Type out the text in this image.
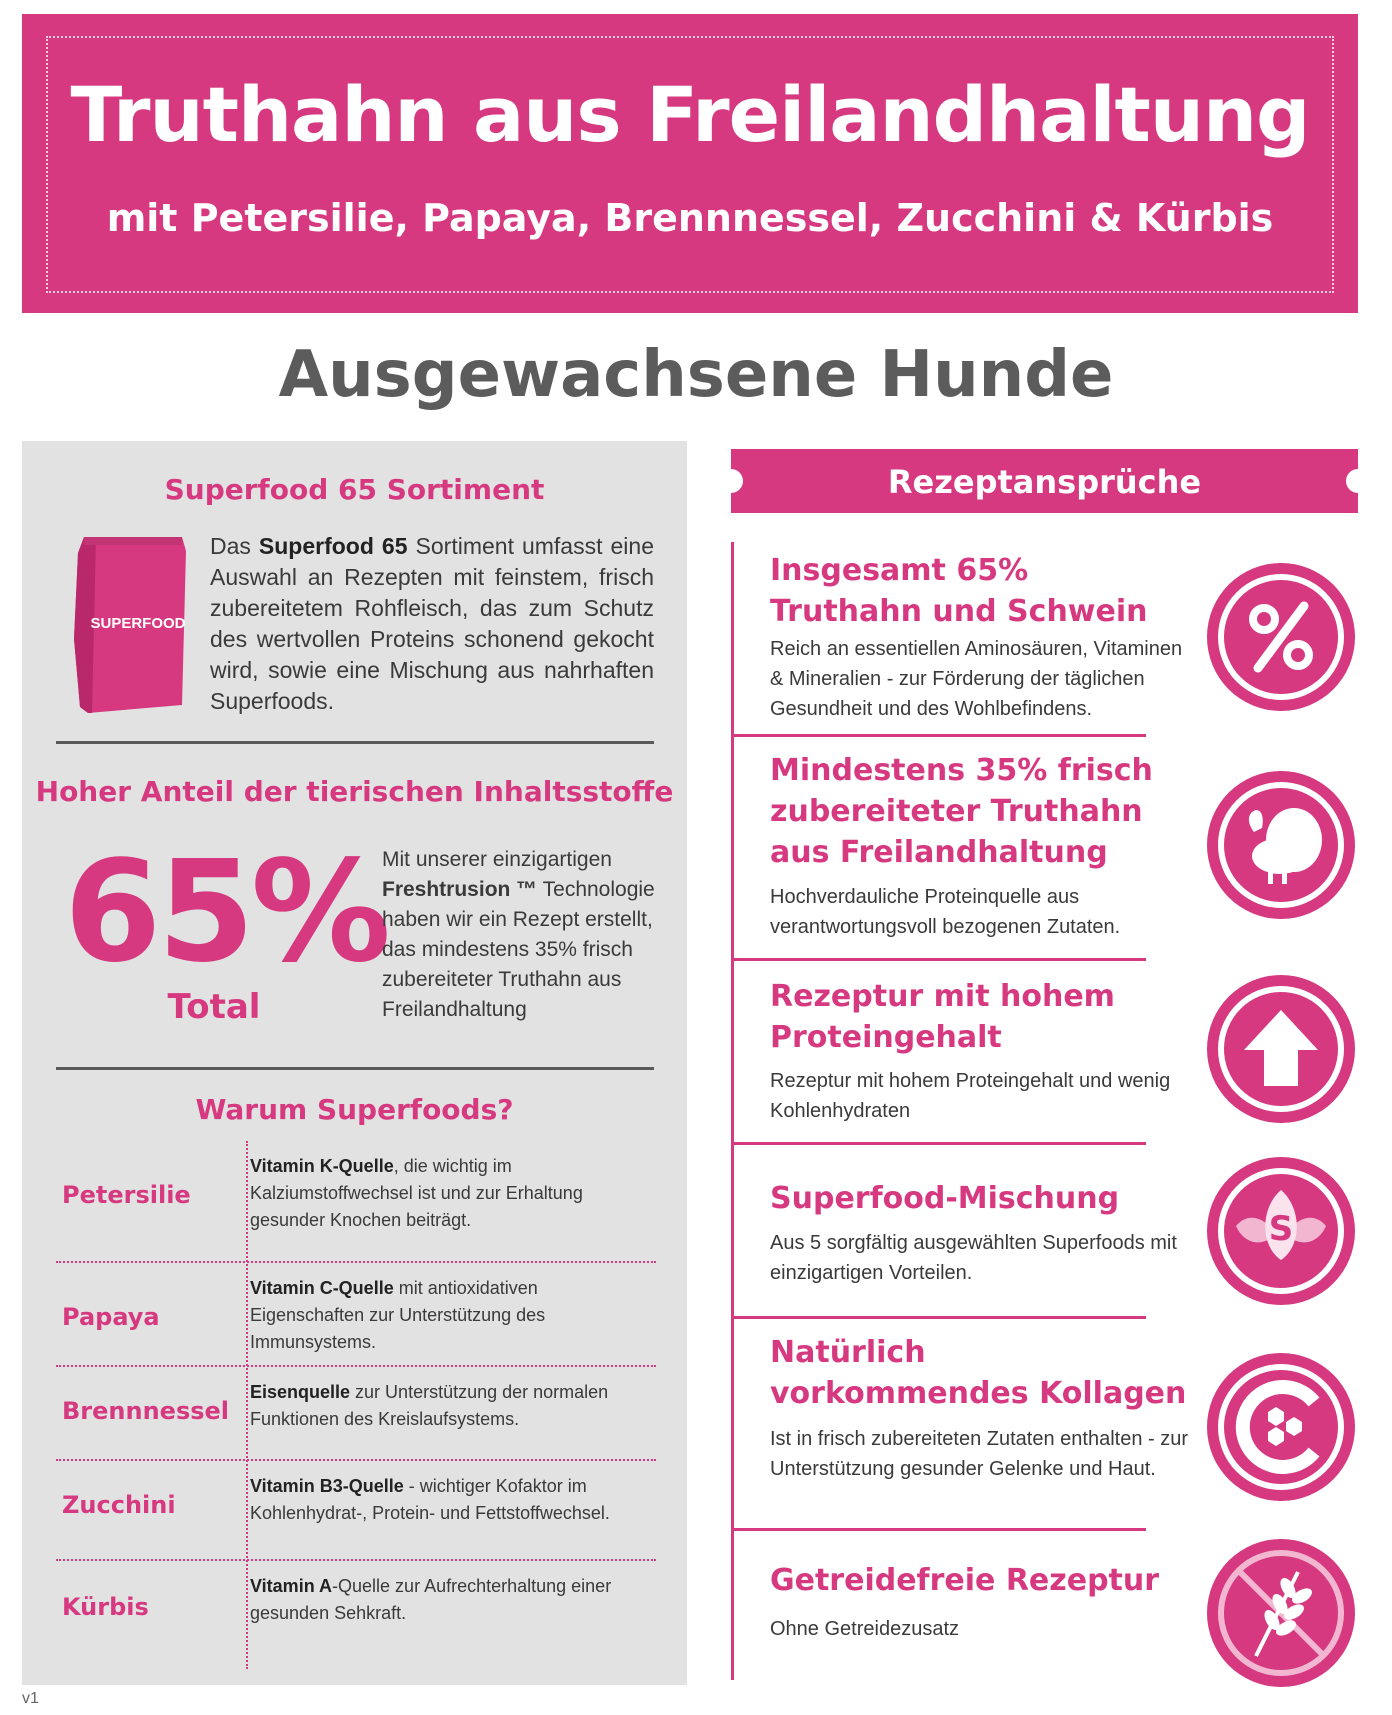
Truthahn aus Freilandhaltung
mit Petersilie, Papaya, Brennnessel, Zucchini & Kürbis
Ausgewachsene Hunde
Superfood 65 Sortiment
SUPERFOOD
Das Superfood 65 Sortiment umfasst eine Auswahl an Rezepten mit feinstem, frisch zubereitetem Rohfleisch, das zum Schutz des wertvollen Proteins schonend gekocht wird, sowie eine Mischung aus nahrhaften Superfoods.
Hoher Anteil der tierischen Inhaltsstoffe
65%
Total
Mit unserer einzigartigen Freshtrusion ™ Technologie haben wir ein Rezept erstellt, das mindestens 35% frisch zubereiteter Truthahn aus Freilandhaltung
Warum Superfoods?
Petersilie
Vitamin K-Quelle, die wichtig im Kalziumstoffwechsel ist und zur Erhaltung gesunder Knochen beiträgt.
Papaya
Vitamin C-Quelle mit antioxidativen Eigenschaften zur Unterstützung des Immunsystems.
Brennnessel
Eisenquelle zur Unterstützung der normalen Funktionen des Kreislaufsystems.
Zucchini
Vitamin B3-Quelle - wichtiger Kofaktor im Kohlenhydrat-, Protein- und Fettstoffwechsel.
Kürbis
Vitamin A-Quelle zur Aufrechterhaltung einer gesunden Sehkraft.
Rezeptansprüche
Insgesamt 65% Truthahn und Schwein
Reich an essentiellen Aminosäuren, Vitaminen & Mineralien - zur Förderung der täglichen Gesundheit und des Wohlbefindens.
Mindestens 35% frisch zubereiteter Truthahn aus Freilandhaltung
Hochverdauliche Proteinquelle aus verantwortungsvoll bezogenen Zutaten.
Rezeptur mit hohem Proteingehalt
Rezeptur mit hohem Proteingehalt und wenig Kohlenhydraten
Superfood-Mischung
Aus 5 sorgfältig ausgewählten Superfoods mit einzigartigen Vorteilen.
S
Natürlich vorkommendes Kollagen
Ist in frisch zubereiteten Zutaten enthalten - zur Unterstützung gesunder Gelenke und Haut.
Getreidefreie Rezeptur
Ohne Getreidezusatz
v1
